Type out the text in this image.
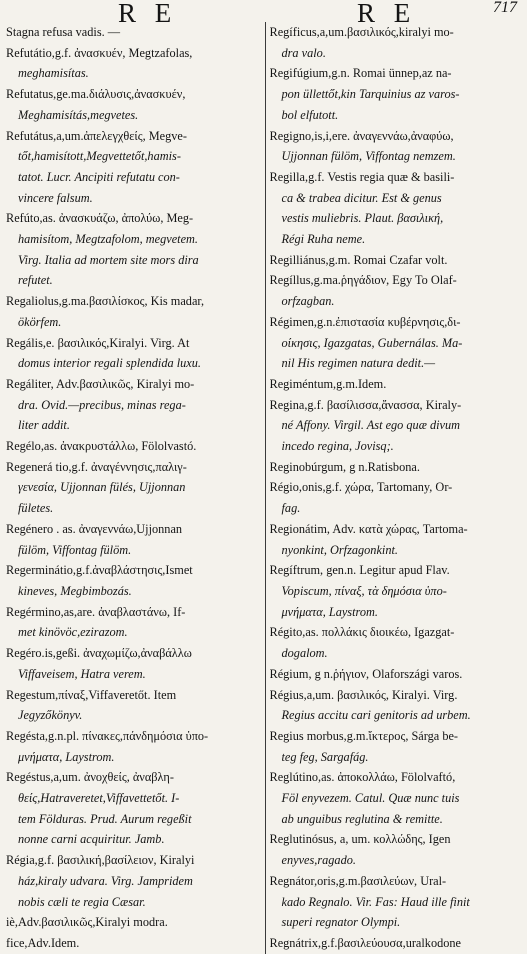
R E	R E	717
Stagna refusa vadis. —
Refutátio,g.f. ἀνασκυέν, Megtzafolas,
meghamisítas.
Refutatus,ge.ma.διάλυσις,ἀνασκυέν,
Meghamisítás,megvetes.
Refutátus,a,um.ἀπελεγχθείς, Megve-
tőt,hamisított,Megvettetőt,hamis-
tatot. Lucr. Ancipiti refutatu con-
vincere falsum.
Refúto,as. ἀνασκυάζω, ἀπολύω, Meg-
hamisítom, Megtzafolom, megvetem.
Virg. Italia ad mortem site mors dira
refutet.
Regaliolus,g.ma.βασιλίσκος, Kis madar,
ökörfem.
Regális,e. βασιλικός,Kiralyi. Virg. At
domus interior regali splendida luxu.
Regáliter, Adv.βασιλικῶς, Kiralyi mo-
dra. Ovid.—precibus, minas rega-
liter addit.
Regélo,as. ἀνακρυστάλλω, Fölolvastó.
Regenerá tio,g.f. ἀναγέννησις,παλιγ-
γενεσία, Ujjonnan fülés, Ujjonnan
fületes.
Regénero . as. ἀναγεννάω,Ujjonnan
fülöm, Viffontag fülöm.
Regerminátio,g.f.ἀναβλάστησις,Ismet
kineves, Megbimbozás.
Regérmino,as,are. ἀναβλαστάνω, If-
met kinövöc,ezirazom.
Regéro.is,geßi. ἀναχωμίζω,ἀναβάλλω
Viffaveisem, Hatra verem.
Regestum,πίναξ,Viffaveretőt. Item
Jegyzőkönyv.
Regésta,g.n.pl. πίνακες,πάνδημόσια ὑπο-
μνήματα, Laystrom.
Regéstus,a,um. ἀνοχθείς, ἀναβλη-
θείς,Hatraveretet,Viffavettetőt. I-
tem Földuras. Prud. Aurum regeßit
nonne carni acquiritur. Jamb.
Régia,g.f. βασιλική,βασίλειον, Kiralyi
ház,kiraly udvara. Virg. Jampridem
nobis cæli te regia Cæsar.
iè,Adv.βασιλικῶς,Kiralyi modra.
fice,Adv.Idem.
Regíficus,a,um.βασιλικός,kiralyi mo-
dra valo.
Regifúgium,g.n. Romai ünnep,az na-
pon üllettőt,kin Tarquinius az varos-
bol elfutott.
Regigno,is,i,ere. ἀναγεννάω,ἀναφύω,
Ujjonnan fülöm, Viffontag nemzem.
Regilla,g.f. Vestis regia quæ & basili-
ca & trabea dicitur. Est & genus
vestis muliebris. Plaut. βασιλική,
Régi Ruha neme.
Regilliánus,g.m. Romai Czafar volt.
Regíllus,g.ma.ῥηγάδιον, Egy To Olaf-
orfzagban.
Régimen,g.n.ἐπιστασία κυβέρνησις,δι-
οίκησις, Igazgatas, Gubernálas. Ma-
nil His regimen natura dedit.—
Regiméntum,g.m.Idem.
Regina,g.f. βασίλισσα,ἄνασσα, Kiraly-
né Affony. Virgil. Ast ego quæ divum
incedo regina, Jovisq;.
Reginobúrgum, g n.Ratisbona.
Régio,onis,g.f. χώρα, Tartomany, Or-
fag.
Regionátim, Adv. κατὰ χώρας, Tartoma-
nyonkint, Orfzagonkint.
Regíftrum, gen.n. Legitur apud Flav.
Vopiscum, πίναξ, τὰ δημόσια ὑπο-
μνήματα, Laystrom.
Régito,as. πολλάκις διοικέω, Igazgat-
dogalom.
Régium, g n.ῥήγιον, Olafországi varos.
Régius,a,um. βασιλικός, Kiralyi. Virg.
Regius accitu cari genitoris ad urbem.
Regius morbus,g.m.ἴκτερος, Sárga be-
teg feg, Sargafág.
Reglútino,as. ἀποκολλάω, Fölolvaftó,
Föl enyvezem. Catul. Quæ nunc tuis
ab unguibus reglutina & remitte.
Reglutinósus, a, um. κολλώδης, Igen
enyves,ragado.
Regnátor,oris,g.m.βασιλεύων, Ural-
kado Regnalo. Vir. Fas: Haud ille finit
superi regnator Olympi.
Regnátrix,g.f.βασιλεύουσα,uralkodone
